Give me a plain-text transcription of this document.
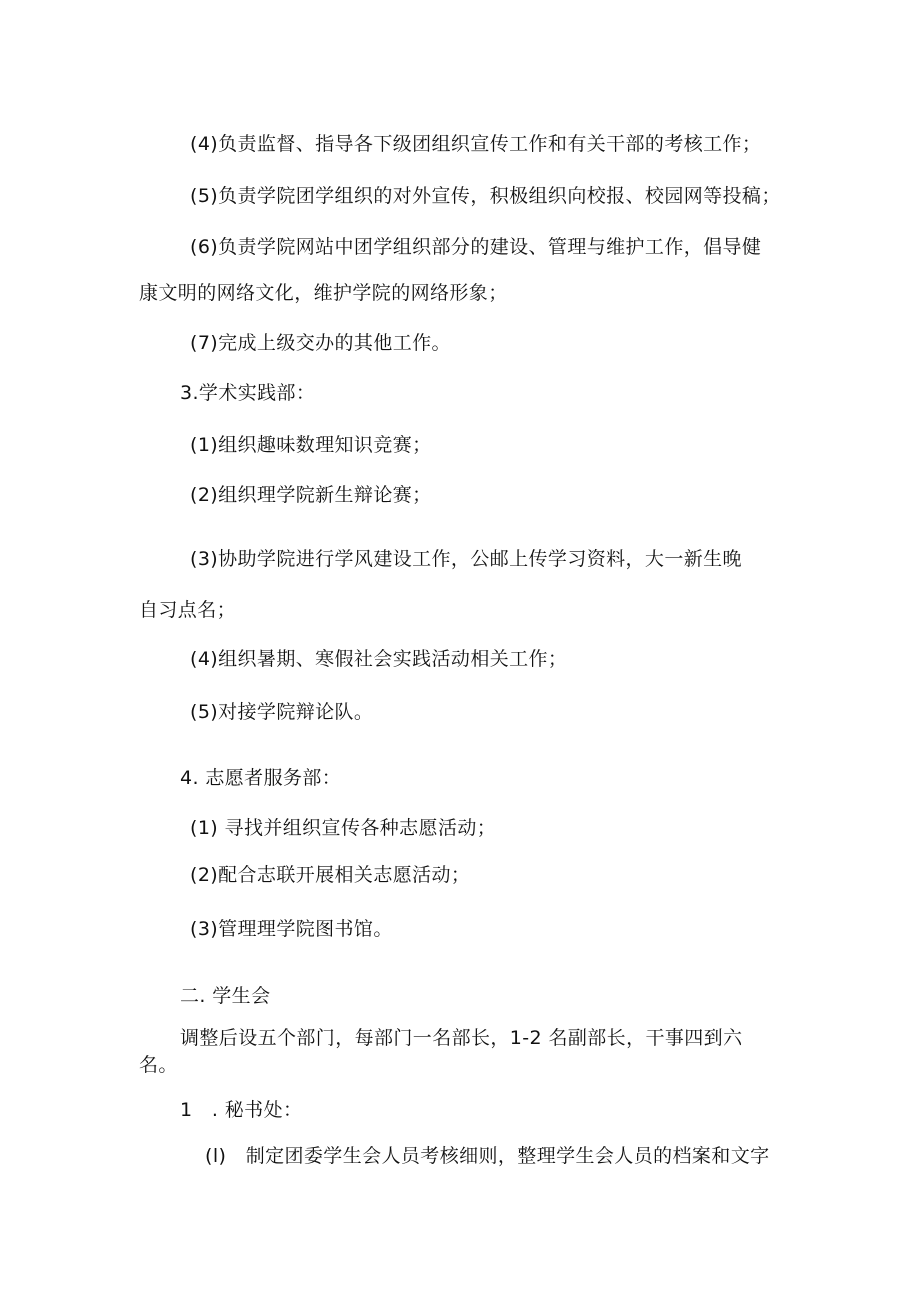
(4)负责监督、指导各下级团组织宣传工作和有关干部的考核工作；
(5)负责学院团学组织的对外宣传，积极组织向校报、校园网等投稿；
(6)负责学院网站中团学组织部分的建设、管理与维护工作，倡导健
康文明的网络文化，维护学院的网络形象；
(7)完成上级交办的其他工作。
3.学术实践部：
(1)组织趣味数理知识竞赛；
(2)组织理学院新生辩论赛；
(3)协助学院进行学风建设工作，公邮上传学习资料，大一新生晚
自习点名；
(4)组织暑期、寒假社会实践活动相关工作；
(5)对接学院辩论队。
4. 志愿者服务部：
(1) 寻找并组织宣传各种志愿活动；
(2)配合志联开展相关志愿活动；
(3)管理理学院图书馆。
二. 学生会
调整后设五个部门，每部门一名部长，1-2 名副部长，干事四到六
名。
1　. 秘书处：
(l)　制定团委学生会人员考核细则，整理学生会人员的档案和文字
